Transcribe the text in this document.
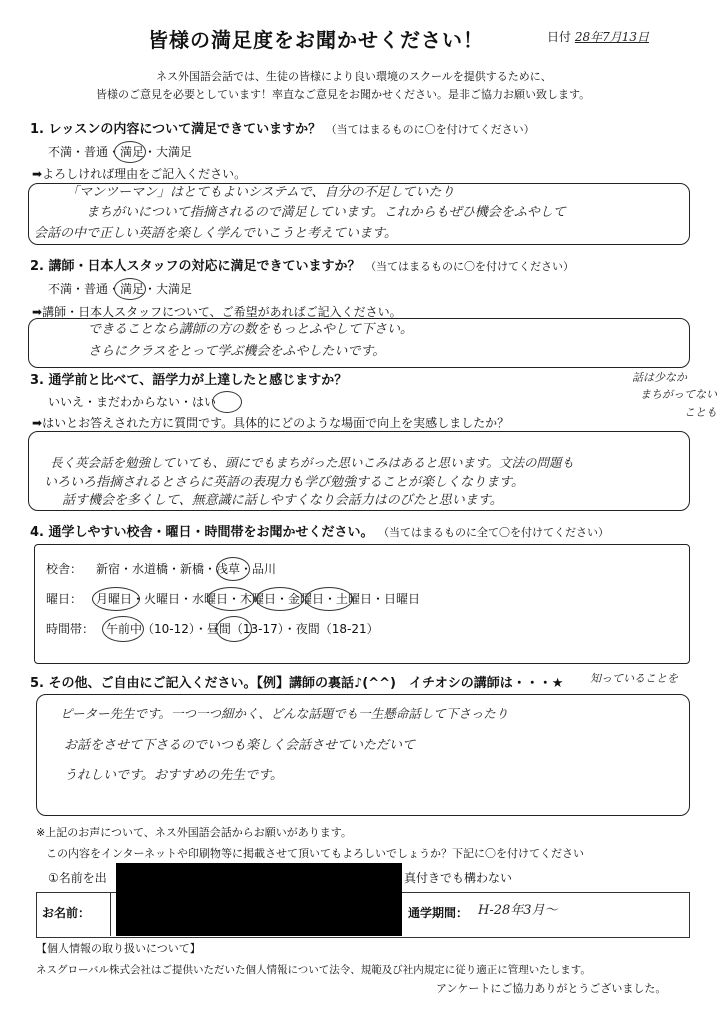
皆様の満足度をお聞かせください！	日付 28年7月13日
ネス外国語会話では、生徒の皆様により良い環境のスクールを提供するために、
皆様のご意見を必要としています！率直なご意見をお聞かせください。是非ご協力お願い致します。
1. レッスンの内容について満足できていますか？ （当てはまるものに〇を付けてください）
不満・普通・満足・大満足
➡よろしければ理由をご記入ください。
「マンツーマン」はとてもよいシステムで、自分の不足していたり
まちがいについて指摘されるので満足しています。これからもぜひ機会をふやして
会話の中で正しい英語を楽しく学んでいこうと考えています。
2. 講師・日本人スタッフの対応に満足できていますか？ （当てはまるものに〇を付けてください）
不満・普通・満足・大満足
➡講師・日本人スタッフについて、ご希望があればご記入ください。
できることなら講師の方の数をもっとふやして下さい。
さらにクラスをとって学ぶ機会をふやしたいです。
3. 通学前と比べて、語学力が上達したと感じますか？
いいえ・まだわからない・はい
話は少なか
まちがってない
ことも
➡はいとお答えされた方に質問です。具体的にどのような場面で向上を実感しましたか？
長く英会話を勉強していても、頭にでもまちがった思いこみはあると思います。文法の問題も
いろいろ指摘されるとさらに英語の表現力も学び勉強することが楽しくなります。
話す機会を多くして、無意識に話しやすくなり会話力はのびたと思います。
4. 通学しやすい校舎・曜日・時間帯をお聞かせください。 （当てはまるものに全て〇を付けてください）
校舎： 新宿・水道橋・新橋・浅草・品川
曜日： 月曜日・火曜日・水曜日・木曜日・金曜日・土曜日・日曜日
時間帯： 午前中（10-12）・昼間（13-17）・夜間（18-21）
5. その他、ご自由にご記入ください。【例】講師の裏話♪(^^)　イチオシの講師は・・・★ 知っていることを
ピーター先生です。一つ一つ細かく、どんな話題でも一生懸命話して下さったり
お話をさせて下さるのでいつも楽しく会話させていただいて
うれしいです。おすすめの先生です。
※上記のお声について、ネス外国語会話からお願いがあります。
この内容をインターネットや印刷物等に掲載させて頂いてもよろしいでしょうか？下記に〇を付けてください
①名前を出	真付きでも構わない
お名前：	通学期間： H-28年3月〜
【個人情報の取り扱いについて】
ネスグローバル株式会社はご提供いただいた個人情報について法令、規範及び社内規定に従り適正に管理いたします。
アンケートにご協力ありがとうございました。
